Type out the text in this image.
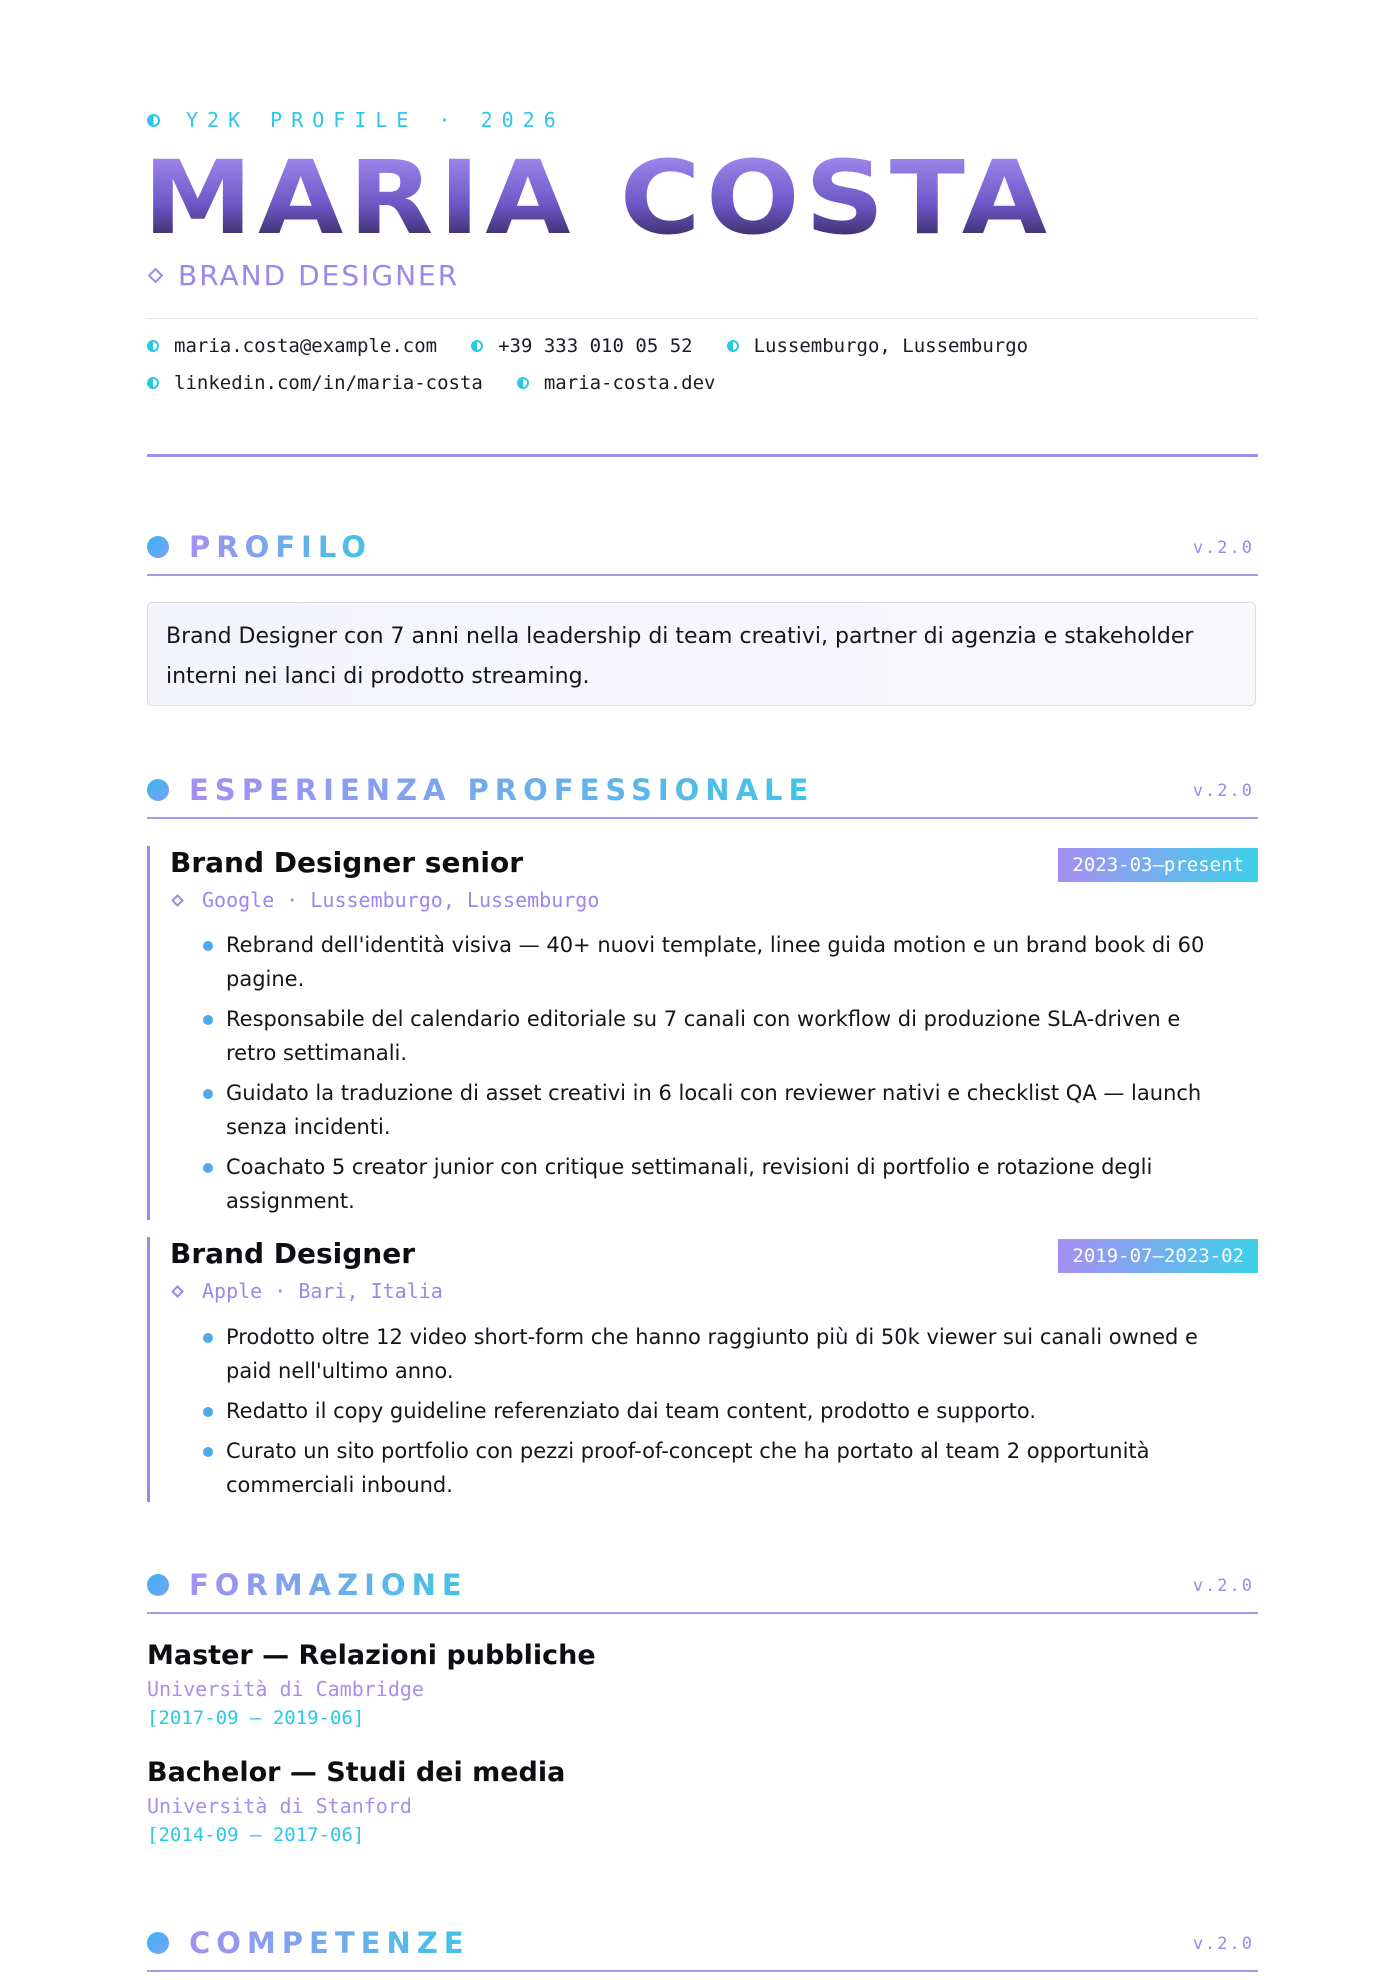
Y2K PROFILE · 2026
MARIA COSTA
BRAND DESIGNER
maria.costa@example.com	+39 333 010 05 52	Lussemburgo, Lussemburgo
linkedin.com/in/maria-costa	maria-costa.dev
PROFILO	v.2.0
Brand Designer con 7 anni nella leadership di team creativi, partner di agenzia e stakeholder interni nei lanci di prodotto streaming.
ESPERIENZA PROFESSIONALE	v.2.0
Brand Designer senior	2023-03—present
Google · Lussemburgo, Lussemburgo
Rebrand dell'identità visiva — 40+ nuovi template, linee guida motion e un brand book di 60 pagine.
Responsabile del calendario editoriale su 7 canali con workflow di produzione SLA-driven e retro settimanali.
Guidato la traduzione di asset creativi in 6 locali con reviewer nativi e checklist QA — launch senza incidenti.
Coachato 5 creator junior con critique settimanali, revisioni di portfolio e rotazione degli assignment.
Brand Designer	2019-07—2023-02
Apple · Bari, Italia
Prodotto oltre 12 video short-form che hanno raggiunto più di 50k viewer sui canali owned e paid nell'ultimo anno.
Redatto il copy guideline referenziato dai team content, prodotto e supporto.
Curato un sito portfolio con pezzi proof-of-concept che ha portato al team 2 opportunità commerciali inbound.
FORMAZIONE	v.2.0
Master — Relazioni pubbliche
Università di Cambridge
[2017-09 – 2019-06]
Bachelor — Studi dei media
Università di Stanford
[2014-09 – 2017-06]
COMPETENZE	v.2.0
